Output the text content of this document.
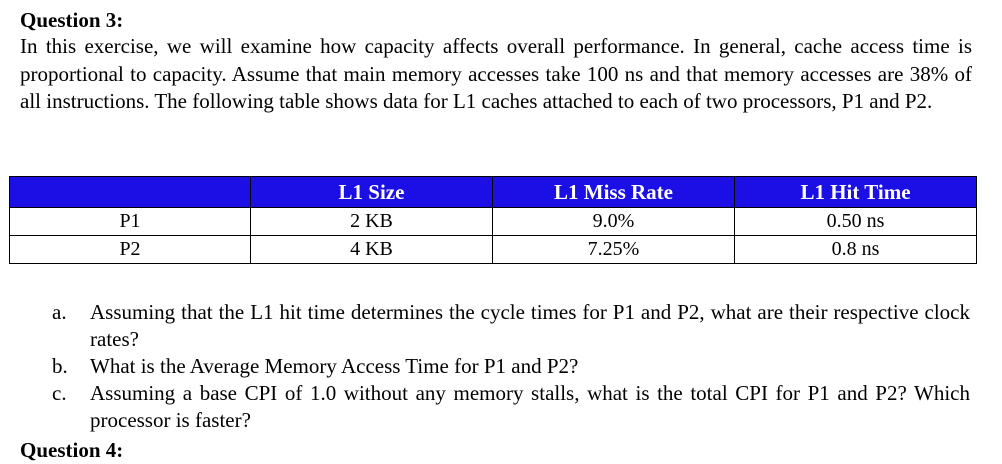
Question 3:

In this exercise, we will examine how capacity affects overall performance. In general, cache access time is proportional to capacity. Assume that main memory accesses take 100 ns and that memory accesses are 38% of all instructions. The following table shows data for L1 caches attached to each of two processors, P1 and P2.

	L1 Size	L1 Miss Rate	L1 Hit Time
P1	2 KB	9.0%	0.50 ns
P2	4 KB	7.25%	0.8 ns
a. Assuming that the L1 hit time determines the cycle times for P1 and P2, what are their respective clock rates?
b. What is the Average Memory Access Time for P1 and P2?
c. Assuming a base CPI of 1.0 without any memory stalls, what is the total CPI for P1 and P2? Which processor is faster?
Question 4:
